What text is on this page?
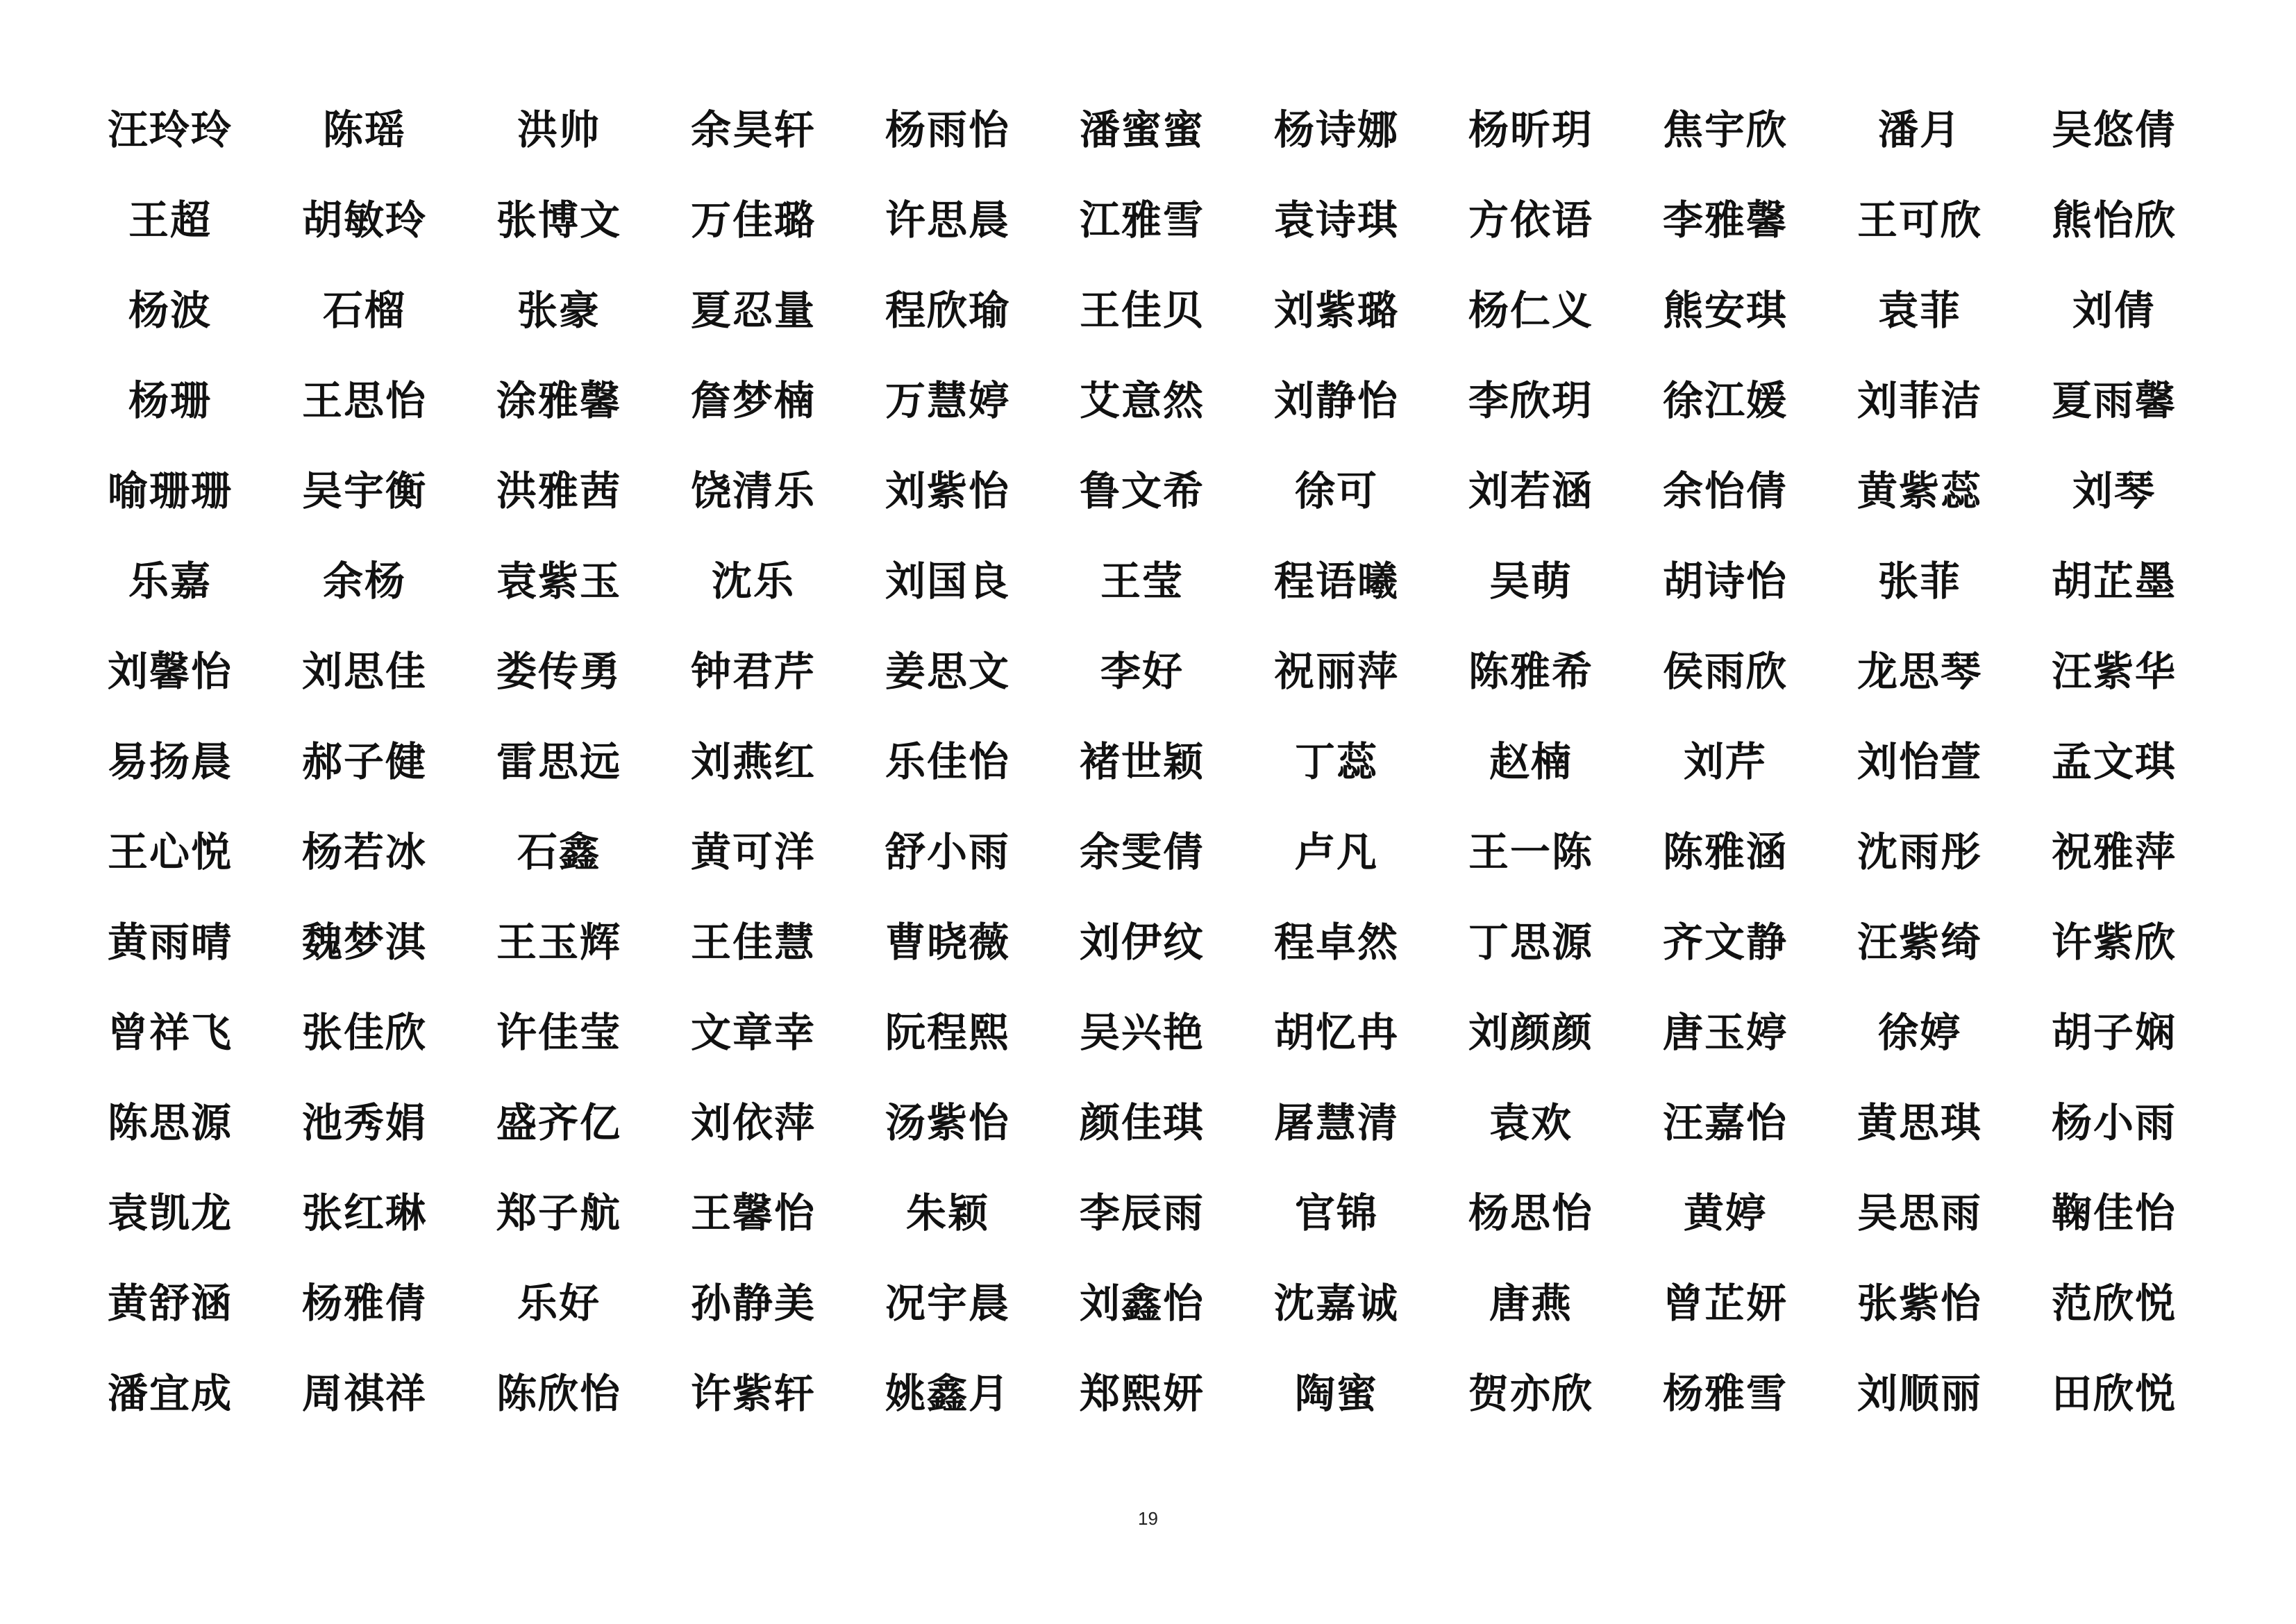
汪玲玲	陈瑶	洪帅	余昊轩	杨雨怡	潘蜜蜜	杨诗娜	杨昕玥	焦宇欣	潘月	吴悠倩
王超	胡敏玲	张博文	万佳璐	许思晨	江雅雪	袁诗琪	方依语	李雅馨	王可欣	熊怡欣
杨波	石榴	张豪	夏忍量	程欣瑜	王佳贝	刘紫璐	杨仁义	熊安琪	袁菲	刘倩
杨珊	王思怡	涂雅馨	詹梦楠	万慧婷	艾意然	刘静怡	李欣玥	徐江媛	刘菲洁	夏雨馨
喻珊珊	吴宇衡	洪雅茜	饶清乐	刘紫怡	鲁文希	徐可	刘若涵	余怡倩	黄紫蕊	刘琴
乐嘉	余杨	袁紫玉	沈乐	刘国良	王莹	程语曦	吴萌	胡诗怡	张菲	胡芷墨
刘馨怡	刘思佳	娄传勇	钟君芹	姜思文	李好	祝丽萍	陈雅希	侯雨欣	龙思琴	汪紫华
易扬晨	郝子健	雷思远	刘燕红	乐佳怡	褚世颖	丁蕊	赵楠	刘芹	刘怡萱	孟文琪
王心悦	杨若冰	石鑫	黄可洋	舒小雨	余雯倩	卢凡	王一陈	陈雅涵	沈雨彤	祝雅萍
黄雨晴	魏梦淇	王玉辉	王佳慧	曹晓薇	刘伊纹	程卓然	丁思源	齐文静	汪紫绮	许紫欣
曾祥飞	张佳欣	许佳莹	文章幸	阮程熙	吴兴艳	胡忆冉	刘颜颜	唐玉婷	徐婷	胡子娴
陈思源	池秀娟	盛齐亿	刘依萍	汤紫怡	颜佳琪	屠慧清	袁欢	汪嘉怡	黄思琪	杨小雨
袁凯龙	张红琳	郑子航	王馨怡	朱颖	李辰雨	官锦	杨思怡	黄婷	吴思雨	鞠佳怡
黄舒涵	杨雅倩	乐好	孙静美	况宇晨	刘鑫怡	沈嘉诚	唐燕	曾芷妍	张紫怡	范欣悦
潘宜成	周祺祥	陈欣怡	许紫轩	姚鑫月	郑熙妍	陶蜜	贺亦欣	杨雅雪	刘顺丽	田欣悦
19
